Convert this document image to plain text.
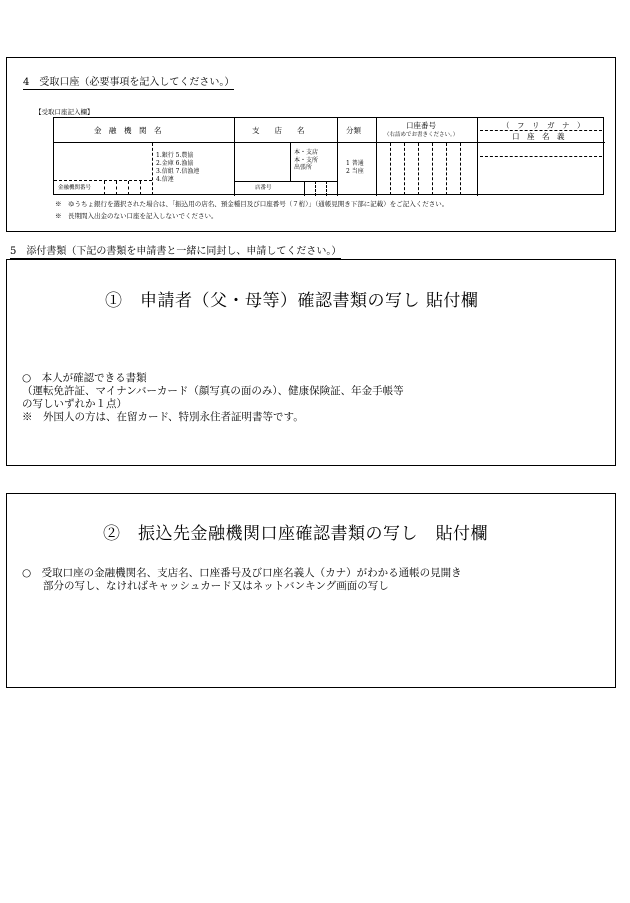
4　受取口座（必要事項を記入してください。）
【受取口座記入欄】
金　融　機　関　名	支　　店　　名	分類
口座番号
（右詰めでお書きください。）
（　フ　リ　ガ　ナ　）
口　座　名　義
1.銀行 5.農協
2.金庫 6.漁協
3.信組 7.信漁連
4.信連
金融機関番号
本・支店
本・支所
出張所
店番号
1 普通
2 当座
※　ゆうちょ銀行を選択された場合は、「振込用の店名、預金種目及び口座番号（７桁）」（通帳見開き下部に記載）をご記入ください。
※　長期間入出金のない口座を記入しないでください。
5　添付書類（下記の書類を申請書と一緒に同封し、申請してください。）
①　申請者（父・母等）確認書類の写し 貼付欄
○　本人が確認できる書類
（運転免許証、マイナンバーカード（顔写真の面のみ）、健康保険証、年金手帳等
の写しいずれか１点）
※　外国人の方は、在留カード、特別永住者証明書等です。
②　振込先金融機関口座確認書類の写し　貼付欄
○　受取口座の金融機関名、支店名、口座番号及び口座名義人（カナ）がわかる通帳の見開き
　　部分の写し、なければキャッシュカード又はネットバンキング画面の写し
